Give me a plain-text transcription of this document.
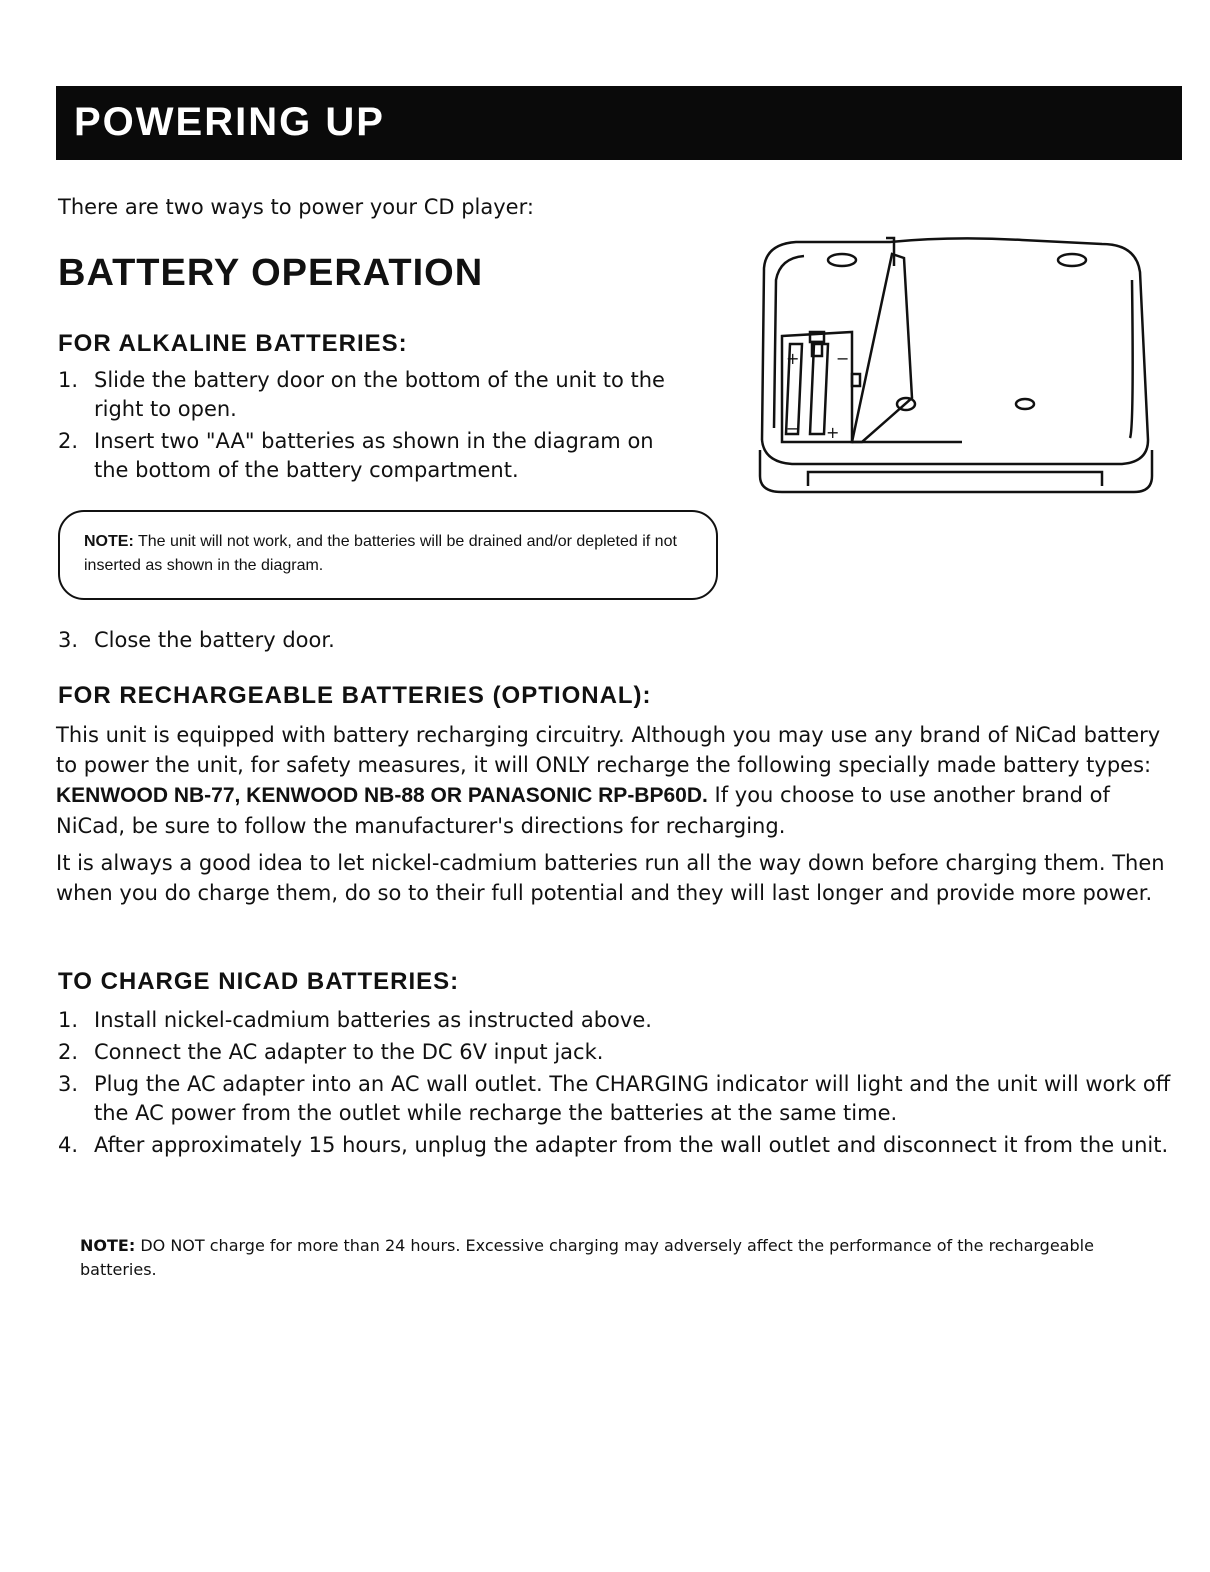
POWERING UP
There are two ways to power your CD player:
BATTERY OPERATION
FOR ALKALINE BATTERIES:
1. Slide the battery door on the bottom of the unit to the
right to open.
2. Insert two "AA" batteries as shown in the diagram on
the bottom of the battery compartment.
+ −
− +
NOTE: The unit will not work, and the batteries will be drained and/or depleted if not inserted as shown in the diagram.
3. Close the battery door.
FOR RECHARGEABLE BATTERIES (OPTIONAL):
This unit is equipped with battery recharging circuitry. Although you may use any brand of NiCad battery to power the unit, for safety measures, it will ONLY recharge the following specially made battery types: KENWOOD NB-77, KENWOOD NB-88 OR PANASONIC RP-BP60D. If you choose to use another brand of NiCad, be sure to follow the manufacturer's directions for recharging.
It is always a good idea to let nickel-cadmium batteries run all the way down before charging them. Then when you do charge them, do so to their full potential and they will last longer and provide more power.
TO CHARGE NICAD BATTERIES:
1. Install nickel-cadmium batteries as instructed above.
2. Connect the AC adapter to the DC 6V input jack.
3. Plug the AC adapter into an AC wall outlet. The CHARGING indicator will light and the unit will work off the AC power from the outlet while recharge the batteries at the same time.
4. After approximately 15 hours, unplug the adapter from the wall outlet and disconnect it from the unit.
NOTE: DO NOT charge for more than 24 hours. Excessive charging may adversely affect the performance of the rechargeable batteries.
